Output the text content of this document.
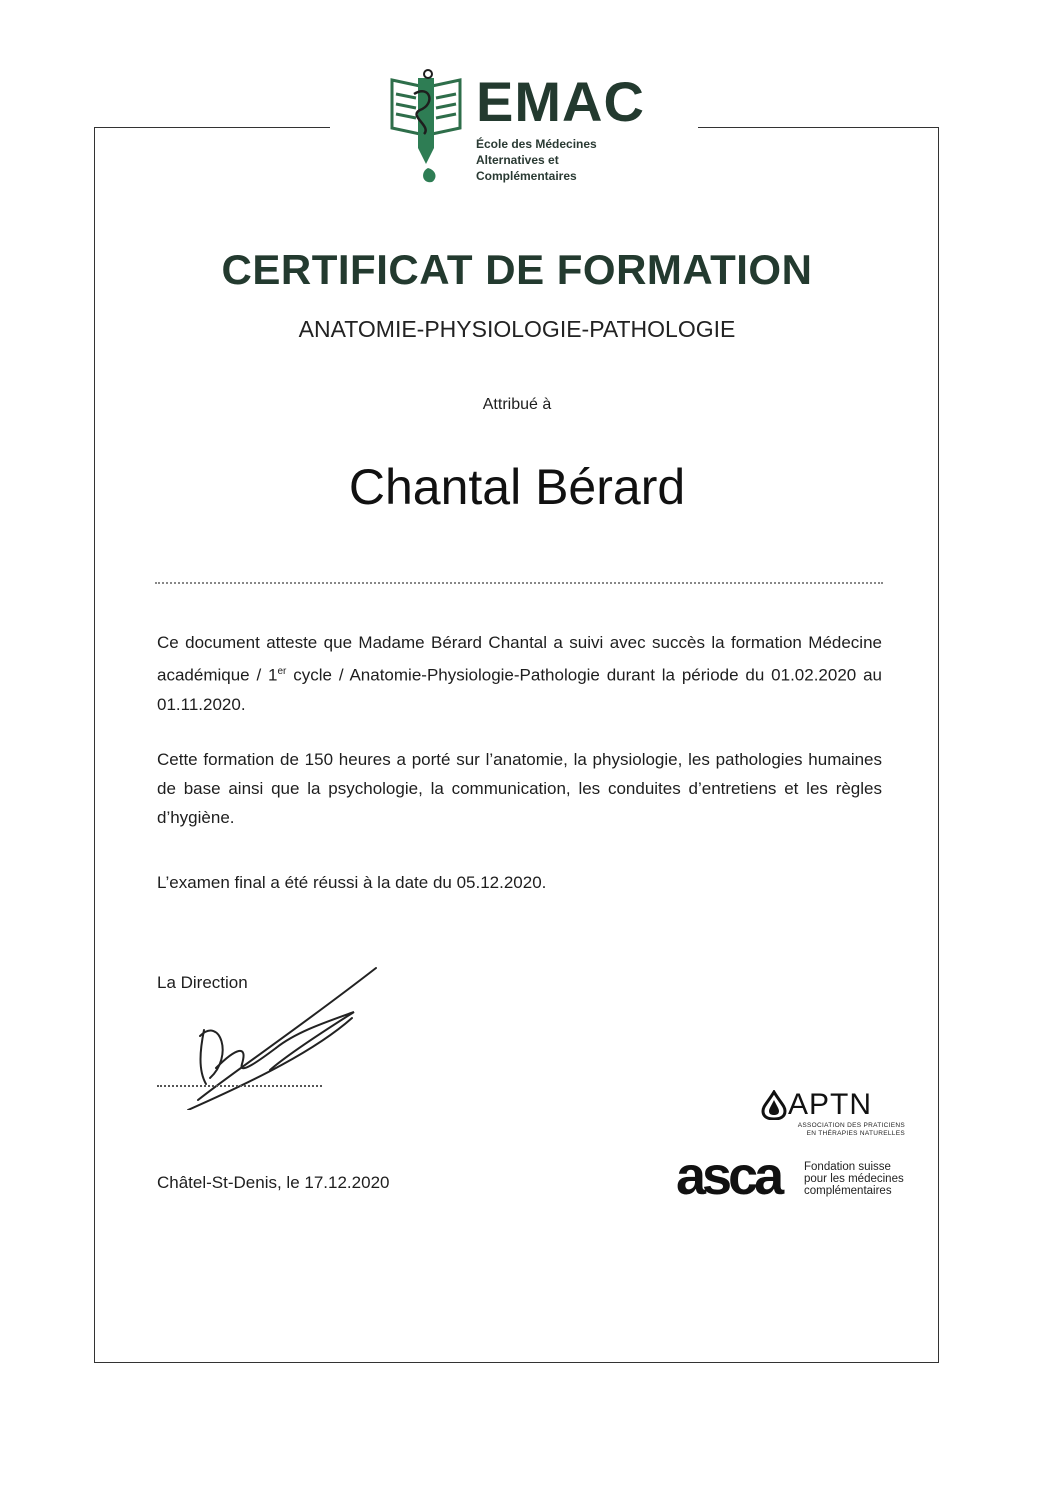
EMAC
École des Médecines
Alternatives et
Complémentaires
CERTIFICAT DE FORMATION
ANATOMIE-PHYSIOLOGIE-PATHOLOGIE
Attribué à
Chantal Bérard
Ce document atteste que Madame Bérard Chantal a suivi avec succès la formation Médecine académique / 1er cycle / Anatomie-Physiologie-Pathologie durant la période du 01.02.2020 au 01.11.2020.
Cette formation de 150 heures a porté sur l’anatomie, la physiologie, les pathologies humaines de base ainsi que la psychologie, la communication, les conduites d’entretiens et les règles d’hygiène.
L’examen final a été réussi à la date du 05.12.2020.
La Direction
Châtel-St-Denis, le 17.12.2020
APTN
ASSOCIATION DES PRATICIENS
EN THÉRAPIES NATURELLES
asca Fondation suisse
pour les médecines
complémentaires
